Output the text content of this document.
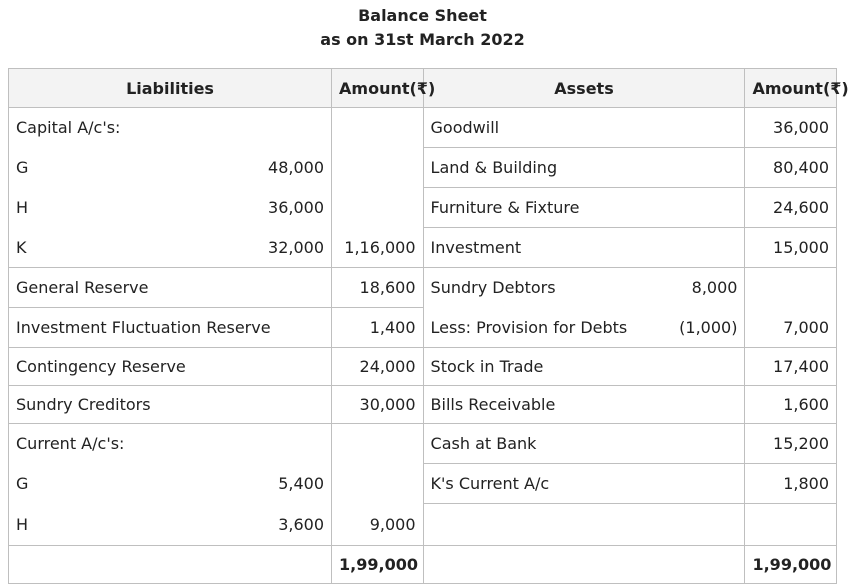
Balance Sheet
as on 31st March 2022
Liabilities	Amount(₹)	Assets	Amount(₹)
Capital A/c's:		Goodwill	36,000

G 48,000		Land & Building	80,400

H 36,000		Furniture & Fixture	24,600

K 32,000	1,16,000	Investment	15,000
General Reserve	18,600	Sundry Debtors 8,000	

Investment Fluctuation Reserve	1,400	Less: Provision for Debts (1,000)	7,000
Contingency Reserve	24,000	Stock in Trade	17,400
Sundry Creditors	30,000	Bills Receivable	1,600
Current A/c's:		Cash at Bank	15,200

G 5,400		K's Current A/c	1,800

H 3,600	9,000		
	1,99,000		1,99,000
